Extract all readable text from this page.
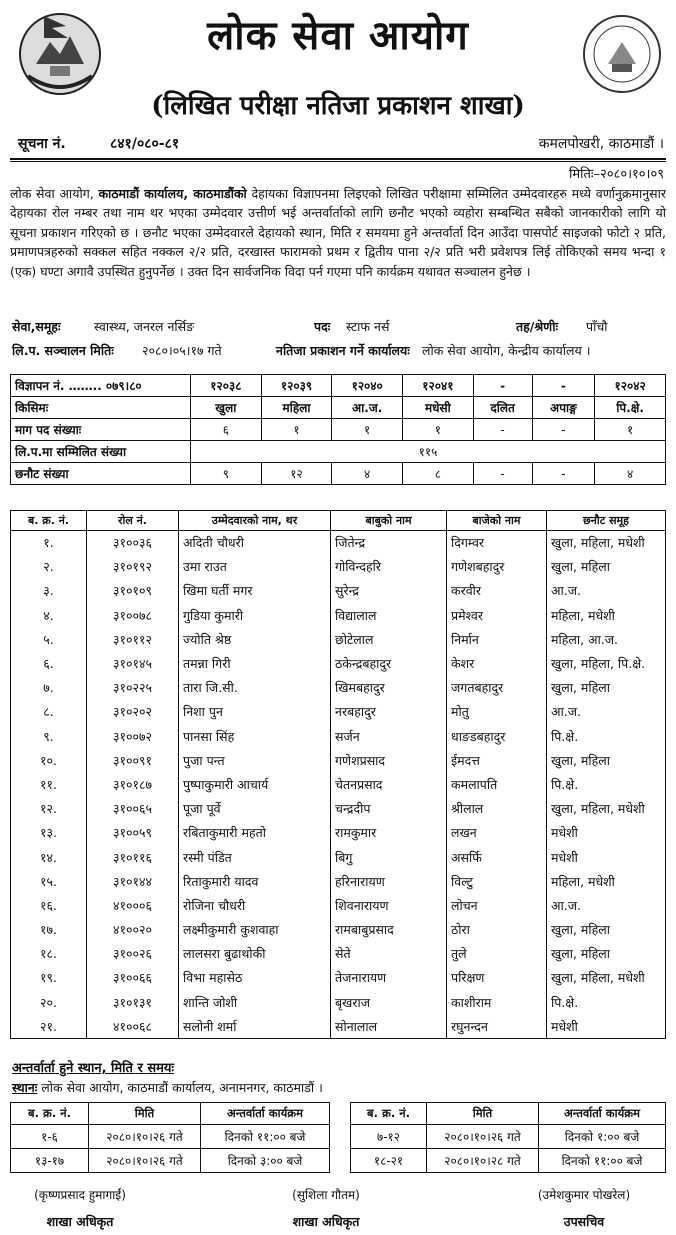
लोक सेवा आयोग
(लिखित परीक्षा नतिजा प्रकाशन शाखा)
सूचना नं.	८४१/०८०-८१	कमलपोखरी, काठमाडौं ।
मितिः–२०८०।१०।०९
लोक सेवा आयोग, काठमाडौं कार्यालय, काठमाडौंको देहायका विज्ञापनमा लिइएको लिखित परीक्षामा सम्मिलित उम्मेदवारहरु मध्ये वर्णानुक्रमानुसार देहायका रोल नम्बर तथा नाम थर भएका उम्मेदवार उत्तीर्ण भई अन्तर्वार्ताको लागि छनौट भएको व्यहोरा सम्बन्धित सबैको जानकारीको लागि यो सूचना प्रकाशन गरिएको छ । छनौट भएका उम्मेदवारले देहायको स्थान, मिति र समयमा हुने अन्तर्वार्ता दिन आउँदा पासपोर्ट साइजको फोटो २ प्रति, प्रमाणपत्रहरुको सक्कल सहित नक्कल २/२ प्रति, दरखास्त फारामको प्रथम र द्वितीय पाना २/२ प्रति भरी प्रवेशपत्र लिई तोकिएको समय भन्दा १ (एक) घण्टा अगावै उपस्थित हुनुपर्नेछ । उक्त दिन सार्वजनिक विदा पर्न गएमा पनि कार्यक्रम यथावत सञ्चालन हुनेछ ।
सेवा,समूहः	स्वास्थ्य, जनरल नर्सिङ	पदः स्टाफ नर्स	तह/श्रेणीः पाँचौ
लि.प. सञ्चालन मितिः २०८०।०५।१७ गते	नतिजा प्रकाशन गर्ने कार्यालयः लोक सेवा आयोग, केन्द्रीय कार्यालय ।
विज्ञापन नं. …….. ०७९।८०	१२०३८	१२०३९	१२०४०	१२०४१	-	-	१२०४२
किसिमः	खुला	महिला	आ.ज.	मधेसी	दलित	अपाङ्ग	पि.क्षे.
माग पद संख्याः	६	१	१	१	-	-	१
लि.प.मा सम्मिलित संख्या	११५						
छनौट संख्या	९	१२	४	८	-	-	४
ब. क्र. नं.	रोल नं.	उम्मेदवारको नाम, थर	बाबुको नाम	बाजेको नाम	छनौट समूह
१.	३१००३६	अदिती चौधरी	जितेन्द्र	दिगम्वर	खुला, महिला, मधेशी
२.	३१०१९२	उमा राउत	गोविन्दहरि	गणेशबहादुर	खुला, महिला
३.	३१०१०९	खिमा घर्ती मगर	सुरेन्द्र	करवीर	आ.ज.
४.	३१००७८	गुडिया कुमारी	विद्यालाल	प्रमेश्वर	महिला, मधेशी
५.	३१०११२	ज्योति श्रेष्ठ	छोटेलाल	निर्मान	महिला, आ.ज.
६.	३१०१४५	तमन्ना गिरी	ठकेन्द्रबहादुर	केशर	खुला, महिला, पि.क्षे.
७.	३१०२२५	तारा जि.सी.	खिमबहादुर	जगतबहादुर	खुला, महिला
८.	३१०२०२	निशा पुन	नरबहादुर	मोतु	आ.ज.
९.	३१००७२	पानसा सिंह	सर्जन	धाङडबहादुर	पि.क्षे.
१०.	३१००९१	पुजा पन्त	गणेशप्रसाद	ईमदत्त	खुला, महिला
११.	३१०१८७	पुष्पाकुमारी आचार्य	चेतनप्रसाद	कमलापति	पि.क्षे.
१२.	३१००६५	पूजा पूर्वे	चन्द्रदीप	श्रीलाल	खुला, महिला, मधेशी
१३.	३१००५९	रबिताकुमारी महतो	रामकुमार	लखन	मधेशी
१४.	३१०११६	रस्मी पंडित	बिगु	असर्फि	मधेशी
१५.	३१०१४४	रिताकुमारी यादव	हरिनारायण	विल्टु	महिला, मधेशी
१६.	४१०००६	रोजिना चौधरी	शिवनारायण	लोचन	आ.ज.
१७.	४१००२०	लक्ष्मीकुमारी कुशवाहा	रामबाबुप्रसाद	ठोरा	खुला, महिला
१८.	३१००२६	लालसरा बुढाथोकी	सेते	तुले	खुला, महिला
१९.	३१००६६	विभा महासेठ	तेजनारायण	परिक्षण	खुला, महिला, मधेशी
२०.	३१०१३१	शान्ति जोशी	बृखराज	काशीराम	पि.क्षे.
२१.	४१००६८	सलोनी शर्मा	सोनालाल	रघुनन्दन	मधेशी
अन्तर्वार्ता हुने स्थान, मिति र समयः
स्थानः लोक सेवा आयोग, काठमाडौं कार्यालय, अनामनगर, काठमाडौं ।
ब. क्र. नं.	मिति	अन्तर्वार्ता कार्यक्रम
१-६	२०८०।१०।२६ गते	दिनको ११:०० बजे
१३-१७	२०८०।१०।२६ गते	दिनको ३:०० बजे
ब. क्र. नं.	मिति	अन्तर्वार्ता कार्यक्रम
७-१२	२०८०।१०।२६ गते	दिनको १:०० बजे
१८-२१	२०८०।१०।२८ गते	दिनको ११:०० बजे
(कृष्णप्रसाद हुमागाईं)
शाखा अधिकृत
(सुशिला गौतम)
शाखा अधिकृत
(उमेशकुमार पोखरेल)
उपसचिव
